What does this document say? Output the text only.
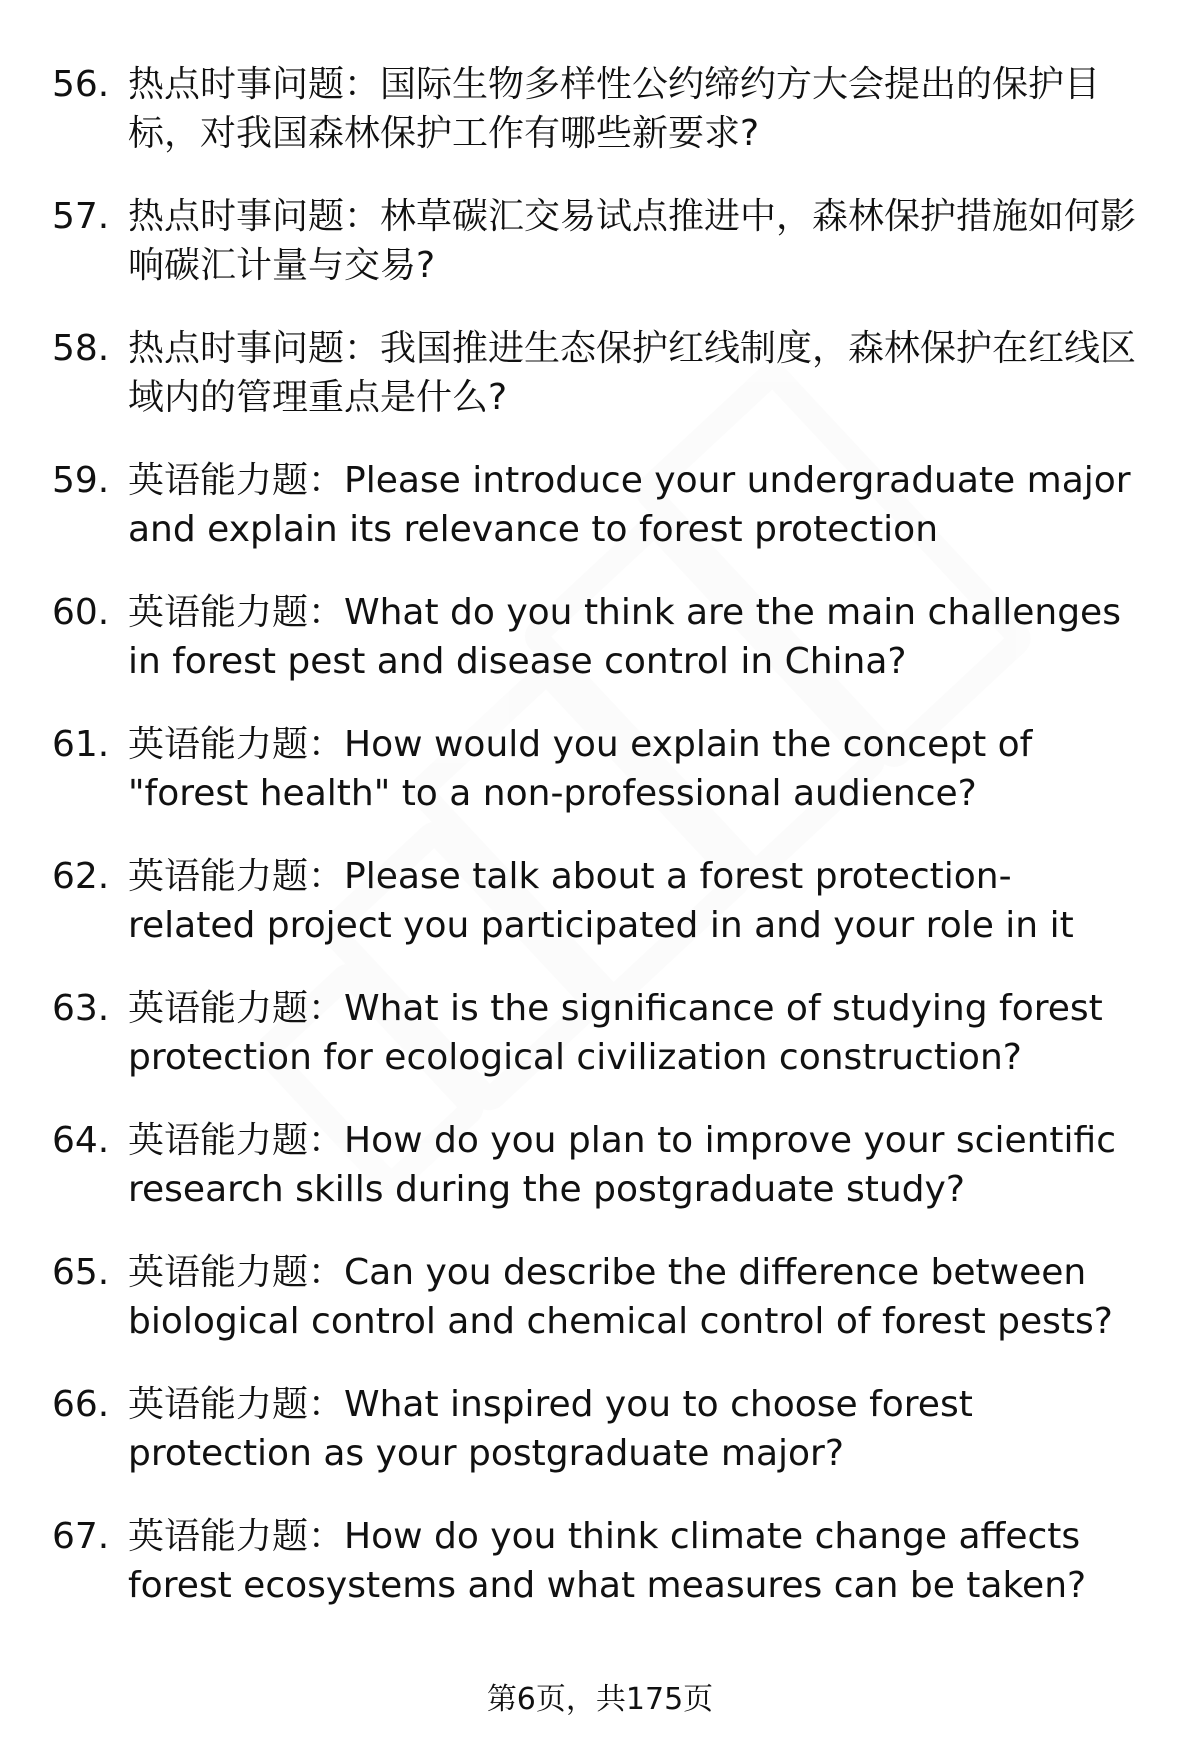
56. 热点时事问题：国际生物多样性公约缔约方大会提出的保护目标，对我国森林保护工作有哪些新要求?
57. 热点时事问题：林草碳汇交易试点推进中，森林保护措施如何影响碳汇计量与交易?
58. 热点时事问题：我国推进生态保护红线制度，森林保护在红线区域内的管理重点是什么?
59. 英语能力题：Please introduce your undergraduate major and explain its relevance to forest protection
60. 英语能力题：What do you think are the main challenges in forest pest and disease control in China?
61. 英语能力题：How would you explain the concept of "forest health" to a non-professional audience?
62. 英语能力题：Please talk about a forest protection-related project you participated in and your role in it
63. 英语能力题：What is the significance of studying forest protection for ecological civilization construction?
64. 英语能力题：How do you plan to improve your scientific research skills during the postgraduate study?
65. 英语能力题：Can you describe the difference between biological control and chemical control of forest pests?
66. 英语能力题：What inspired you to choose forest protection as your postgraduate major?
67. 英语能力题：How do you think climate change affects forest ecosystems and what measures can be taken?
第6页，共175页
